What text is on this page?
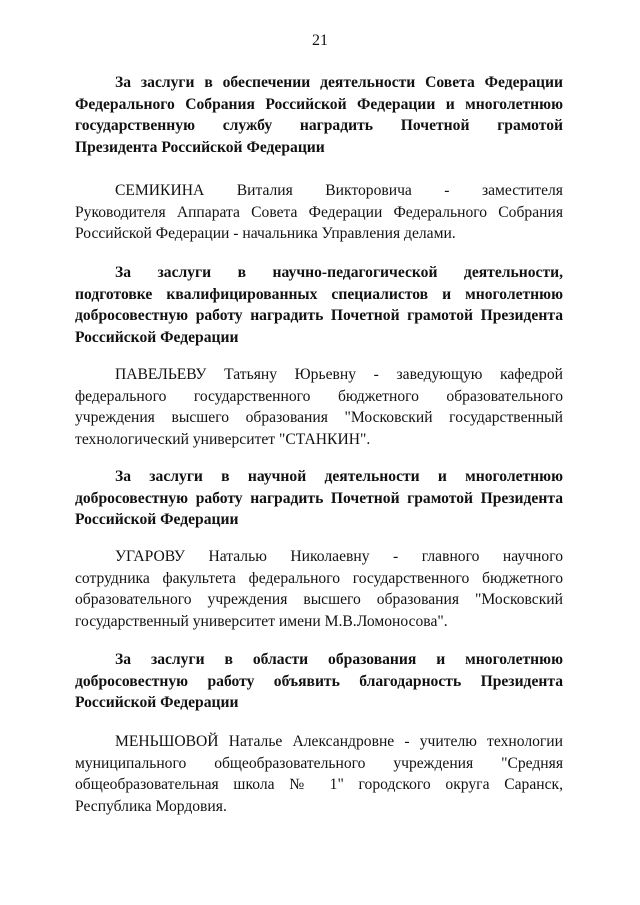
21
За заслуги в обеспечении деятельности Совета Федерации
Федерального Собрания Российской Федерации и многолетнюю
государственную службу наградить Почетной грамотой
Президента Российской Федерации
СЕМИКИНА Виталия Викторовича - заместителя
Руководителя Аппарата Совета Федерации Федерального Собрания
Российской Федерации - начальника Управления делами.
За заслуги в научно-педагогической деятельности,
подготовке квалифицированных специалистов и многолетнюю
добросовестную работу наградить Почетной грамотой Президента
Российской Федерации
ПАВЕЛЬЕВУ Татьяну Юрьевну - заведующую кафедрой
федерального государственного бюджетного образовательного
учреждения высшего образования "Московский государственный
технологический университет "СТАНКИН".
За заслуги в научной деятельности и многолетнюю
добросовестную работу наградить Почетной грамотой Президента
Российской Федерации
УГАРОВУ Наталью Николаевну - главного научного
сотрудника факультета федерального государственного бюджетного
образовательного учреждения высшего образования "Московский
государственный университет имени М.В.Ломоносова".
За заслуги в области образования и многолетнюю
добросовестную работу объявить благодарность Президента
Российской Федерации
МЕНЬШОВОЙ Наталье Александровне - учителю технологии
муниципального общеобразовательного учреждения "Средняя
общеобразовательная школа № 1" городского округа Саранск,
Республика Мордовия.
